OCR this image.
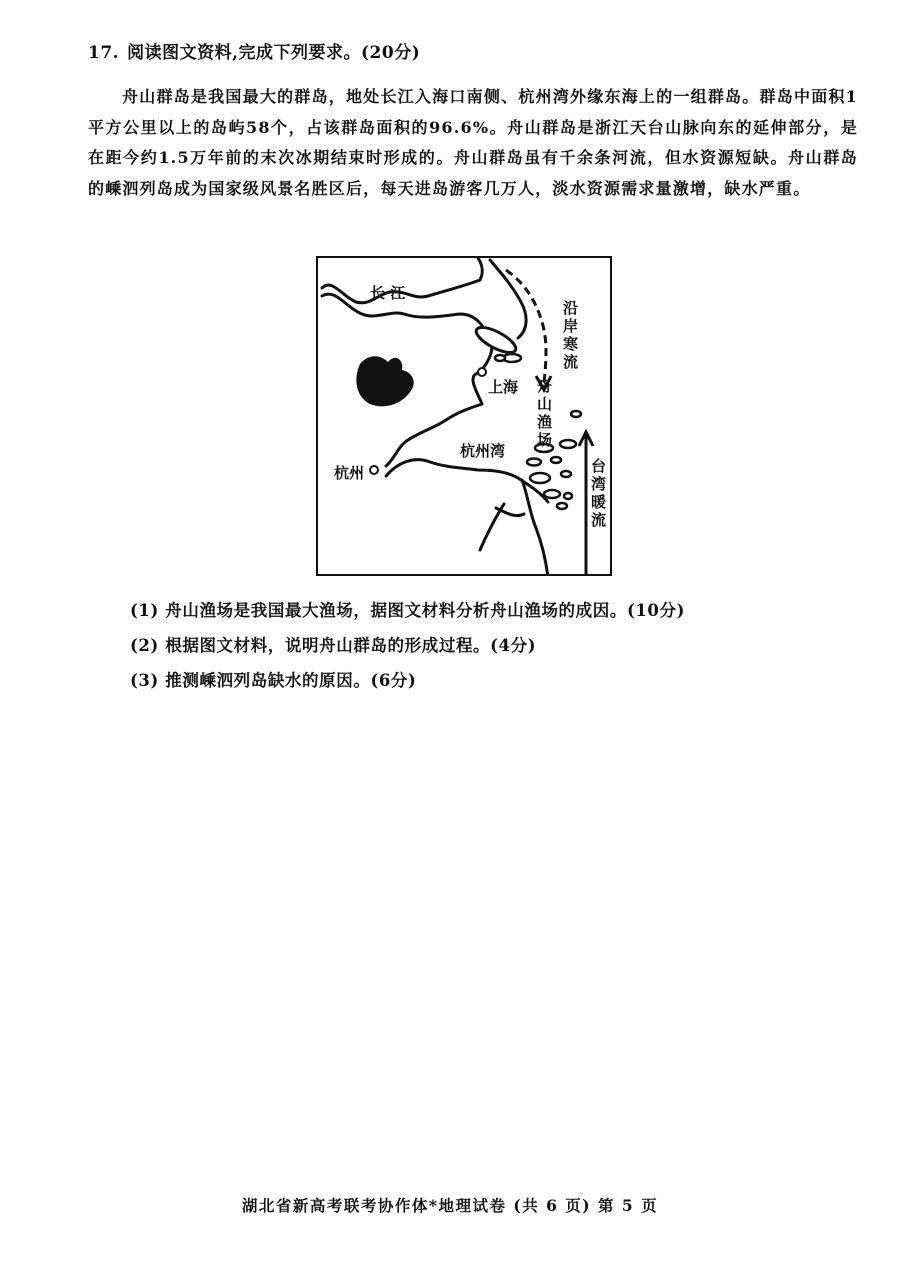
17. 阅读图文资料,完成下列要求。(20分)
舟山群岛是我国最大的群岛，地处长江入海口南侧、杭州湾外缘东海上的一组群岛。群岛中面积1平方公里以上的岛屿58个，占该群岛面积的96.6%。舟山群岛是浙江天台山脉向东的延伸部分，是在距今约1.5万年前的末次冰期结束时形成的。舟山群岛虽有千余条河流，但水资源短缺。舟山群岛的嵊泗列岛成为国家级风景名胜区后，每天进岛游客几万人，淡水资源需求量激增，缺水严重。
长 江
沿岸寒流
上海 舟山渔场
杭州湾
杭州	台湾暖流
(1) 舟山渔场是我国最大渔场，据图文材料分析舟山渔场的成因。(10分)
(2) 根据图文材料，说明舟山群岛的形成过程。(4分)
(3) 推测嵊泗列岛缺水的原因。(6分)
湖北省新高考联考协作体*地理试卷 (共 6 页) 第 5 页
